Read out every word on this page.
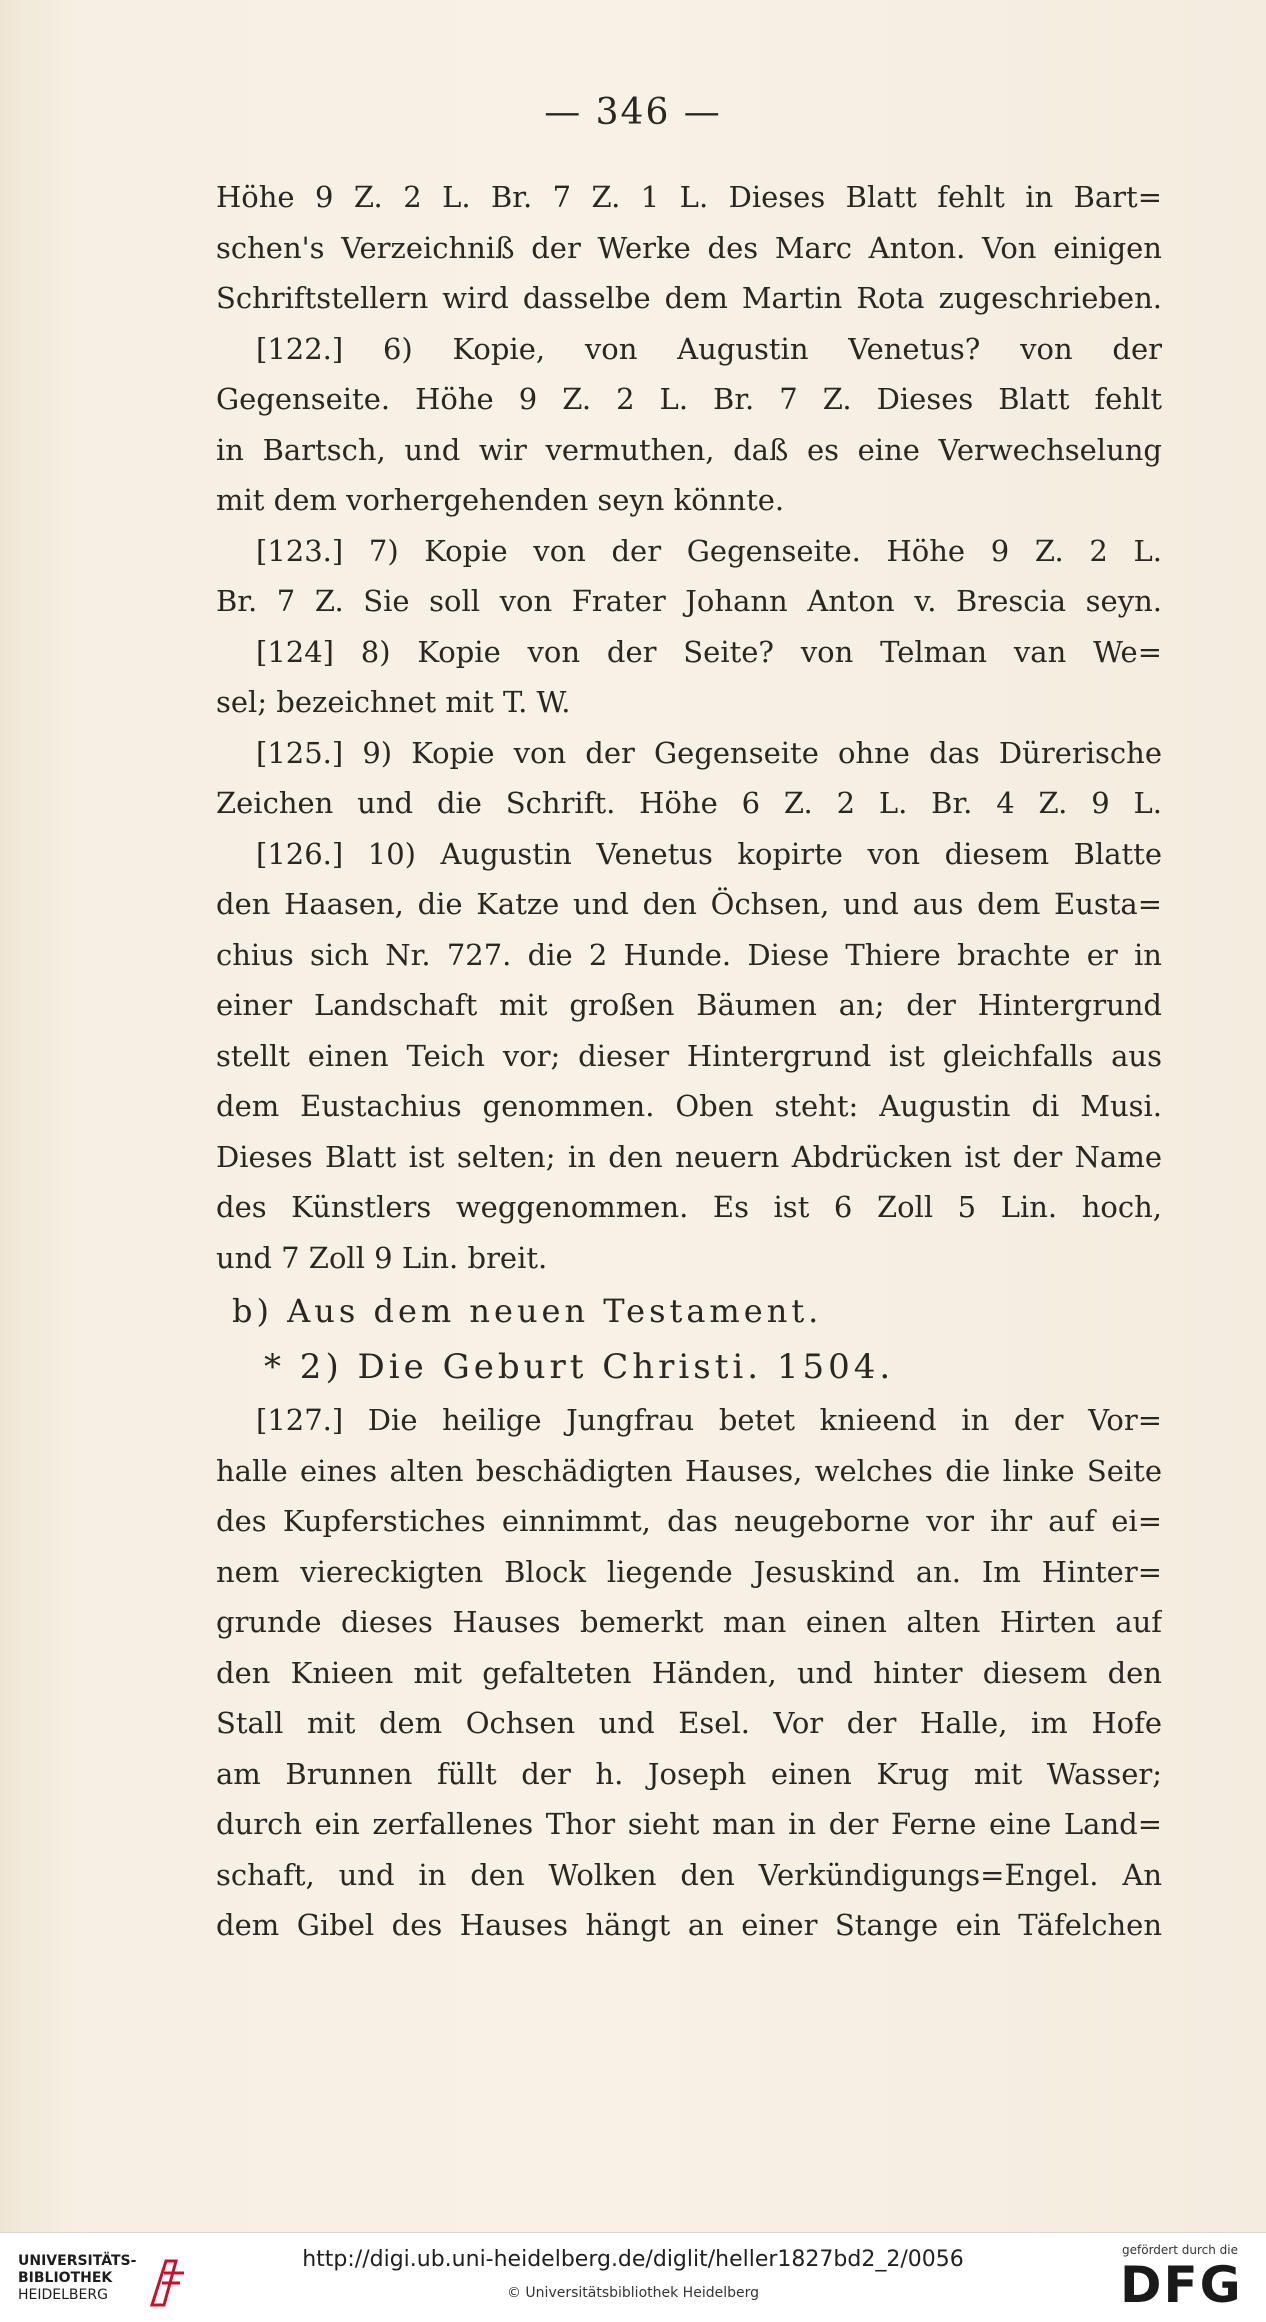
— 346 —
Höhe 9 Z. 2 L. Br. 7 Z. 1 L. Dieses Blatt fehlt in Bart=
schen's Verzeichniß der Werke des Marc Anton. Von einigen
Schriftstellern wird dasselbe dem Martin Rota zugeschrieben.
[122.] 6) Kopie, von Augustin Venetus? von der
Gegenseite. Höhe 9 Z. 2 L. Br. 7 Z. Dieses Blatt fehlt
in Bartsch, und wir vermuthen, daß es eine Verwechselung
mit dem vorhergehenden seyn könnte.
[123.] 7) Kopie von der Gegenseite. Höhe 9 Z. 2 L.
Br. 7 Z. Sie soll von Frater Johann Anton v. Brescia seyn.
[124] 8) Kopie von der Seite? von Telman van We=
sel; bezeichnet mit T. W.
[125.] 9) Kopie von der Gegenseite ohne das Dürerische
Zeichen und die Schrift. Höhe 6 Z. 2 L. Br. 4 Z. 9 L.
[126.] 10) Augustin Venetus kopirte von diesem Blatte
den Haasen, die Katze und den Öchsen, und aus dem Eusta=
chius sich Nr. 727. die 2 Hunde. Diese Thiere brachte er in
einer Landschaft mit großen Bäumen an; der Hintergrund
stellt einen Teich vor; dieser Hintergrund ist gleichfalls aus
dem Eustachius genommen. Oben steht: Augustin di Musi.
Dieses Blatt ist selten; in den neuern Abdrücken ist der Name
des Künstlers weggenommen. Es ist 6 Zoll 5 Lin. hoch,
und 7 Zoll 9 Lin. breit.
b) Aus dem neuen Testament.
* 2) Die Geburt Christi. 1504.
[127.] Die heilige Jungfrau betet knieend in der Vor=
halle eines alten beschädigten Hauses, welches die linke Seite
des Kupferstiches einnimmt, das neugeborne vor ihr auf ei=
nem viereckigten Block liegende Jesuskind an. Im Hinter=
grunde dieses Hauses bemerkt man einen alten Hirten auf
den Knieen mit gefalteten Händen, und hinter diesem den
Stall mit dem Ochsen und Esel. Vor der Halle, im Hofe
am Brunnen füllt der h. Joseph einen Krug mit Wasser;
durch ein zerfallenes Thor sieht man in der Ferne eine Land=
schaft, und in den Wolken den Verkündigungs=Engel. An
dem Gibel des Hauses hängt an einer Stange ein Täfelchen
UNIVERSITÄTS-
BIBLIOTHEK
HEIDELBERG
http://digi.ub.uni-heidelberg.de/diglit/heller1827bd2_2/0056
© Universitätsbibliothek Heidelberg
gefördert durch die
DFG
